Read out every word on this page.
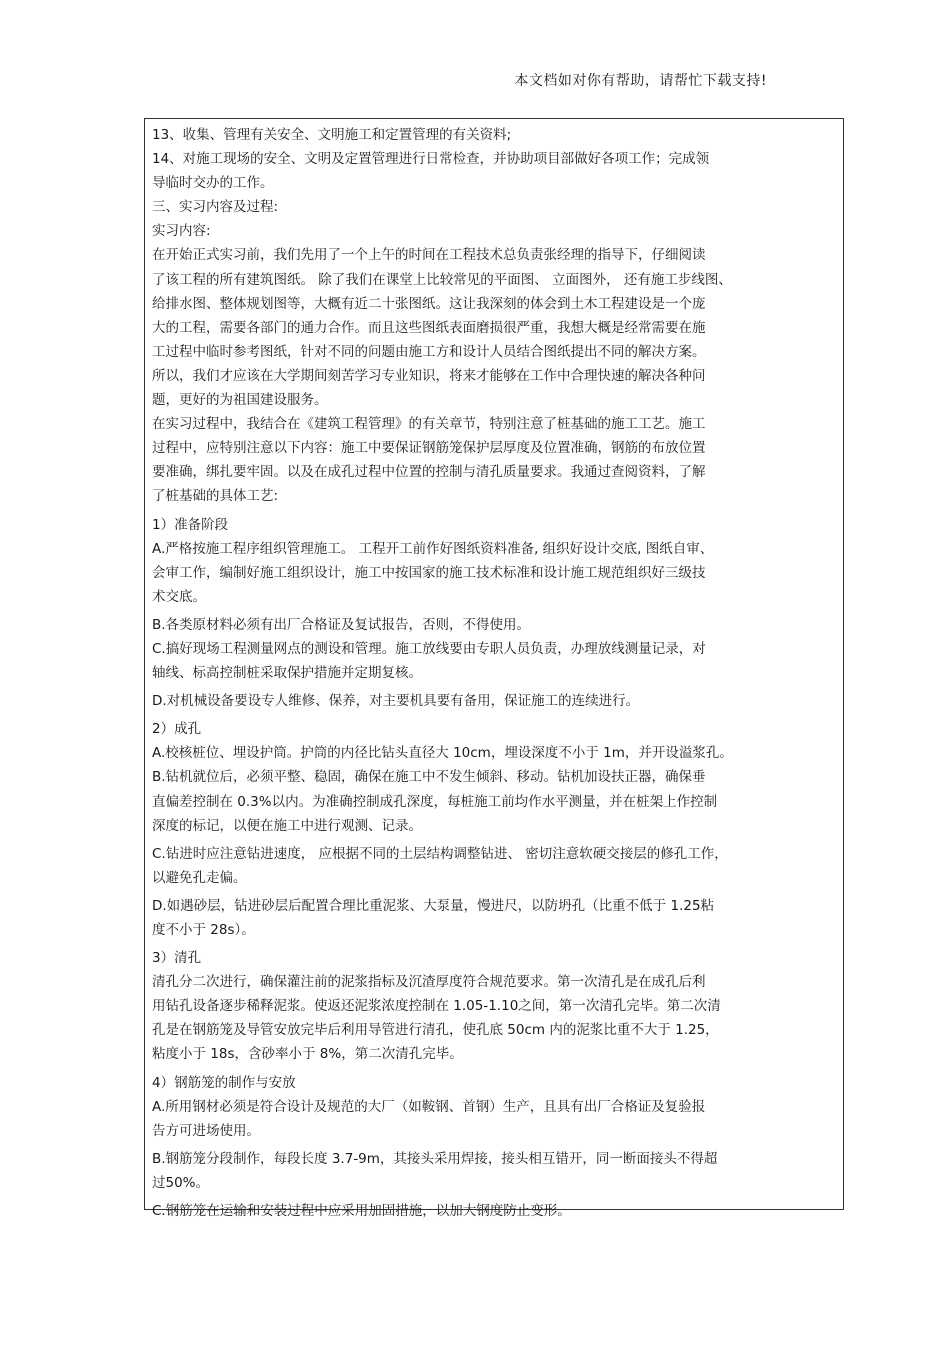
本文档如对你有帮助，请帮忙下载支持!
13、收集、管理有关安全、文明施工和定置管理的有关资料;
14、对施工现场的安全、文明及定置管理进行日常检查，并协助项目部做好各项工作；完成领
导临时交办的工作。
三、实习内容及过程:
实习内容:
在开始正式实习前，我们先用了一个上午的时间在工程技术总负责张经理的指导下，仔细阅读
了该工程的所有建筑图纸。 除了我们在课堂上比较常见的平面图、 立面图外， 还有施工步线图、
给排水图、整体规划图等，大概有近二十张图纸。这让我深刻的体会到土木工程建设是一个庞
大的工程，需要各部门的通力合作。而且这些图纸表面磨损很严重，我想大概是经常需要在施
工过程中临时参考图纸，针对不同的问题由施工方和设计人员结合图纸提出不同的解决方案。
所以，我们才应该在大学期间刻苦学习专业知识，将来才能够在工作中合理快速的解决各种问
题，更好的为祖国建设服务。
在实习过程中，我结合在《建筑工程管理》的有关章节，特别注意了桩基础的施工工艺。施工
过程中，应特别注意以下内容：施工中要保证钢筋笼保护层厚度及位置准确，钢筋的布放位置
要准确，绑扎要牢固。以及在成孔过程中位置的控制与清孔质量要求。我通过查阅资料，了解
了桩基础的具体工艺:
1）准备阶段
A.严格按施工程序组织管理施工。 工程开工前作好图纸资料准备, 组织好设计交底, 图纸自审、
会审工作，编制好施工组织设计，施工中按国家的施工技术标准和设计施工规范组织好三级技
术交底。
B.各类原材料必须有出厂合格证及复试报告，否则，不得使用。
C.搞好现场工程测量网点的测设和管理。施工放线要由专职人员负责，办理放线测量记录，对
轴线、标高控制桩采取保护措施并定期复核。
D.对机械设备要设专人维修、保养，对主要机具要有备用，保证施工的连续进行。
2）成孔
A.校核桩位、埋设护筒。护筒的内径比钻头直径大 10cm，埋设深度不小于 1m，并开设溢浆孔。
B.钻机就位后，必须平整、稳固，确保在施工中不发生倾斜、移动。钻机加设扶正器，确保垂
直偏差控制在 0.3%以内。为准确控制成孔深度，每桩施工前均作水平测量，并在桩架上作控制
深度的标记，以便在施工中进行观测、记录。
C.钻进时应注意钻进速度， 应根据不同的土层结构调整钻进、 密切注意软硬交接层的修孔工作，
以避免孔走偏。
D.如遇砂层，钻进砂层后配置合理比重泥浆、大泵量，慢进尺，以防坍孔（比重不低于 1.25粘
度不小于 28s）。
3）清孔
清孔分二次进行，确保灌注前的泥浆指标及沉渣厚度符合规范要求。第一次清孔是在成孔后利
用钻孔设备逐步稀释泥浆。使返还泥浆浓度控制在 1.05-1.10之间，第一次清孔完毕。第二次清
孔是在钢筋笼及导管安放完毕后利用导管进行清孔，使孔底 50cm 内的泥浆比重不大于 1.25，
粘度小于 18s，含砂率小于 8%，第二次清孔完毕。
4）钢筋笼的制作与安放
A.所用钢材必须是符合设计及规范的大厂（如鞍钢、首钢）生产，且具有出厂合格证及复验报
告方可进场使用。
B.钢筋笼分段制作，每段长度 3.7-9m，其接头采用焊接，接头相互错开，同一断面接头不得超
过50%。
C.钢筋笼在运输和安装过程中应采用加固措施，以加大钢度防止变形。
